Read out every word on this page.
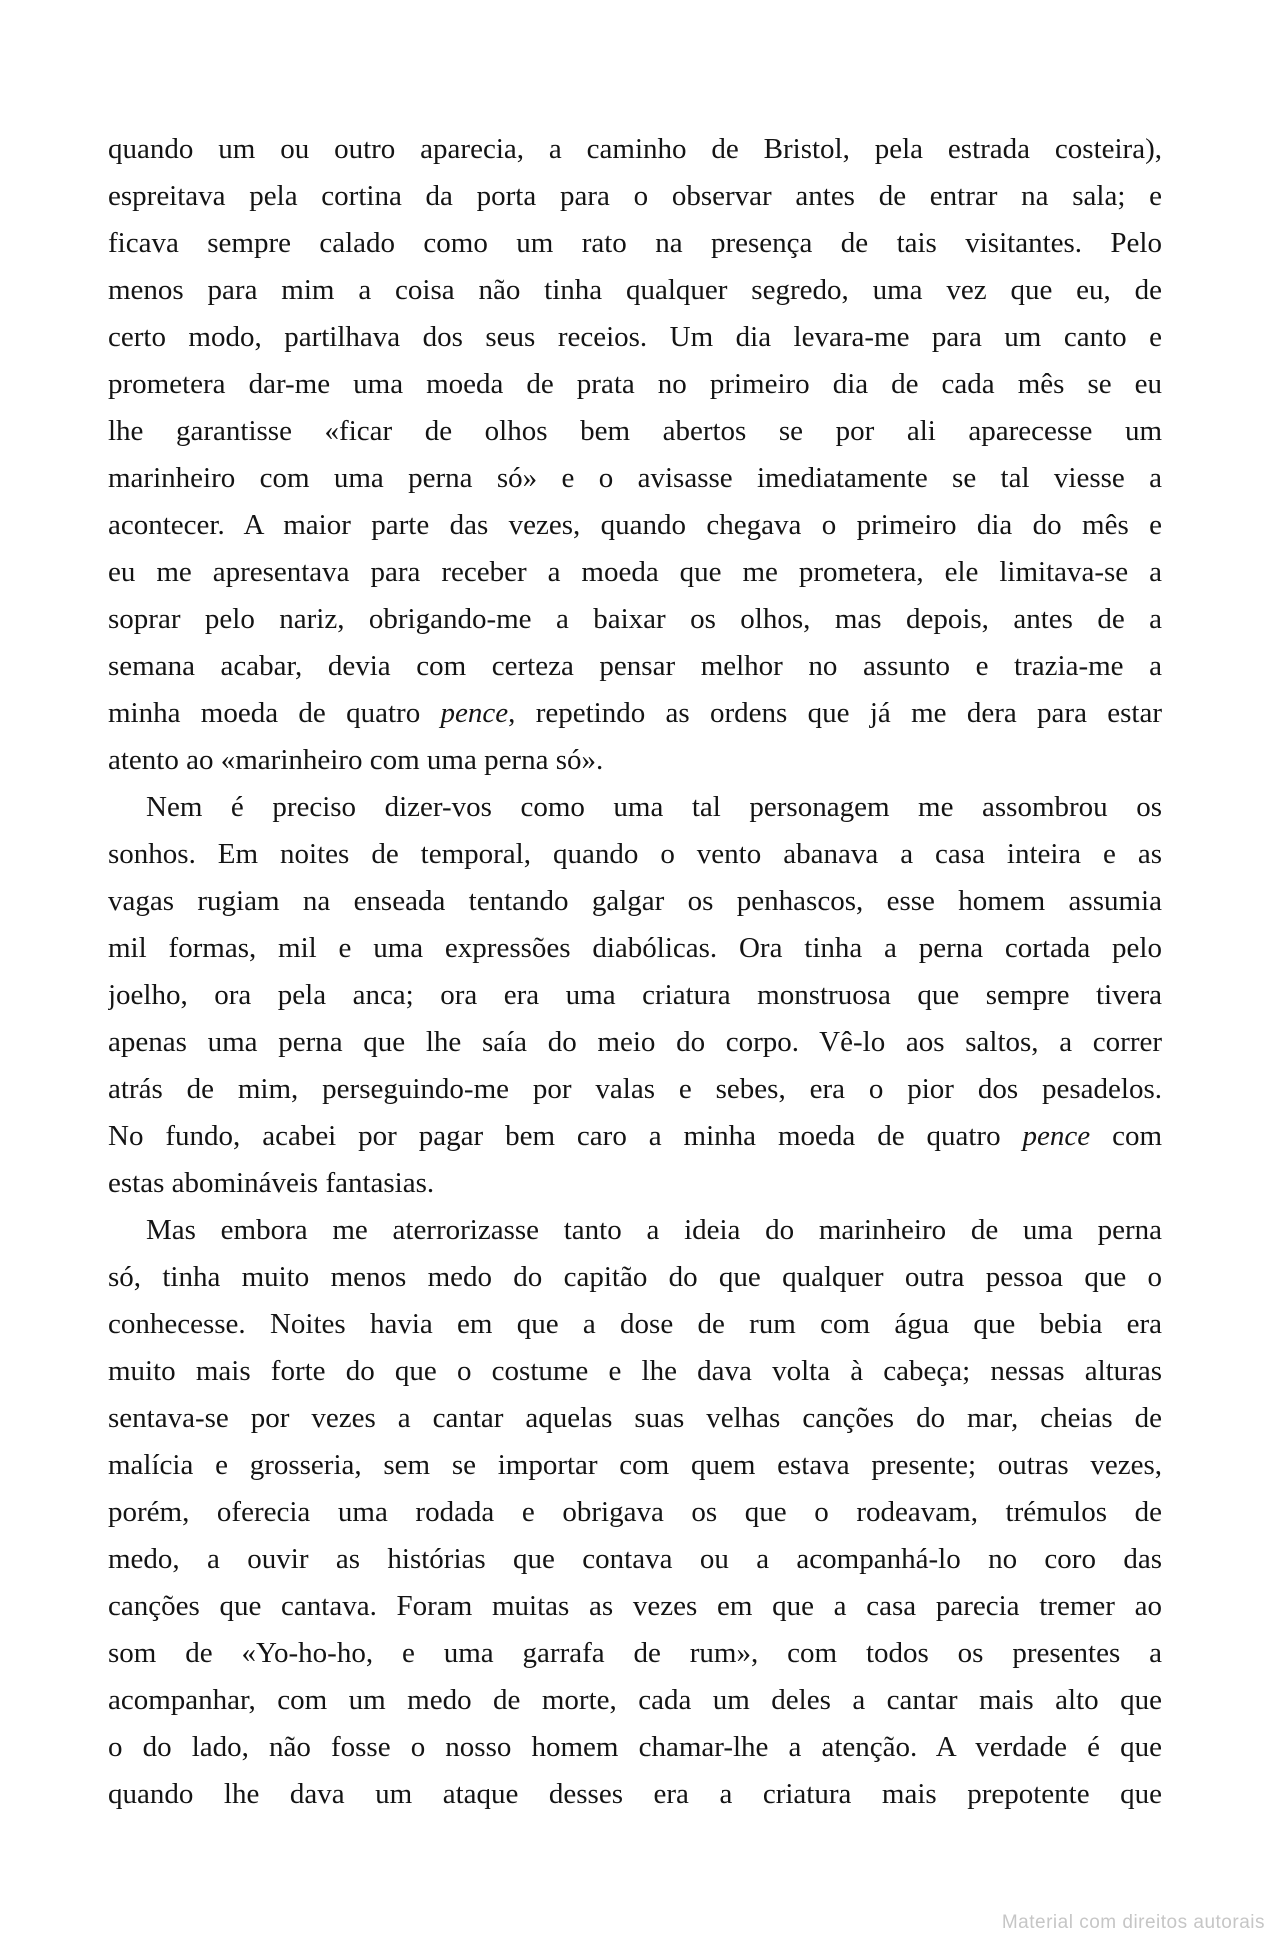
quando um ou outro aparecia, a caminho de Bristol, pela estrada costeira),
espreitava pela cortina da porta para o observar antes de entrar na sala; e
ficava sempre calado como um rato na presença de tais visitantes. Pelo
menos para mim a coisa não tinha qualquer segredo, uma vez que eu, de
certo modo, partilhava dos seus receios. Um dia levara-me para um canto e
prometera dar-me uma moeda de prata no primeiro dia de cada mês se eu
lhe garantisse «ficar de olhos bem abertos se por ali aparecesse um
marinheiro com uma perna só» e o avisasse imediatamente se tal viesse a
acontecer. A maior parte das vezes, quando chegava o primeiro dia do mês e
eu me apresentava para receber a moeda que me prometera, ele limitava-se a
soprar pelo nariz, obrigando-me a baixar os olhos, mas depois, antes de a
semana acabar, devia com certeza pensar melhor no assunto e trazia-me a
minha moeda de quatro pence, repetindo as ordens que já me dera para estar
atento ao «marinheiro com uma perna só».
Nem é preciso dizer-vos como uma tal personagem me assombrou os
sonhos. Em noites de temporal, quando o vento abanava a casa inteira e as
vagas rugiam na enseada tentando galgar os penhascos, esse homem assumia
mil formas, mil e uma expressões diabólicas. Ora tinha a perna cortada pelo
joelho, ora pela anca; ora era uma criatura monstruosa que sempre tivera
apenas uma perna que lhe saía do meio do corpo. Vê-lo aos saltos, a correr
atrás de mim, perseguindo-me por valas e sebes, era o pior dos pesadelos.
No fundo, acabei por pagar bem caro a minha moeda de quatro pence com
estas abomináveis fantasias.
Mas embora me aterrorizasse tanto a ideia do marinheiro de uma perna
só, tinha muito menos medo do capitão do que qualquer outra pessoa que o
conhecesse. Noites havia em que a dose de rum com água que bebia era
muito mais forte do que o costume e lhe dava volta à cabeça; nessas alturas
sentava-se por vezes a cantar aquelas suas velhas canções do mar, cheias de
malícia e grosseria, sem se importar com quem estava presente; outras vezes,
porém, oferecia uma rodada e obrigava os que o rodeavam, trémulos de
medo, a ouvir as histórias que contava ou a acompanhá-lo no coro das
canções que cantava. Foram muitas as vezes em que a casa parecia tremer ao
som de «Yo-ho-ho, e uma garrafa de rum», com todos os presentes a
acompanhar, com um medo de morte, cada um deles a cantar mais alto que
o do lado, não fosse o nosso homem chamar-lhe a atenção. A verdade é que
quando lhe dava um ataque desses era a criatura mais prepotente que
Material com direitos autorais
